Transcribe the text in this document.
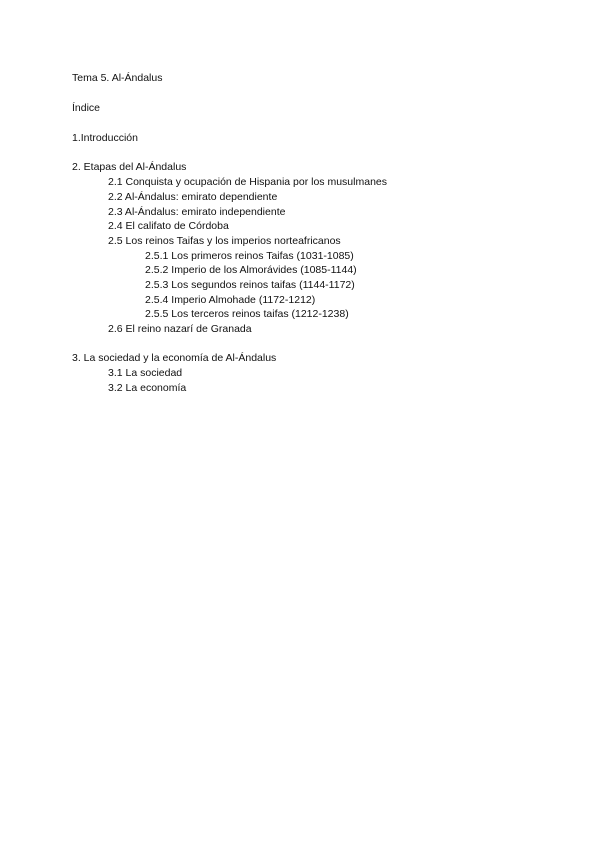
Tema 5. Al-Ándalus
Índice
1.Introducción
2. Etapas del Al-Ándalus
2.1 Conquista y ocupación de Hispania por los musulmanes
2.2 Al-Ándalus: emirato dependiente
2.3 Al-Ándalus: emirato independiente
2.4 El califato de Córdoba
2.5 Los reinos Taifas y los imperios norteafricanos
2.5.1 Los primeros reinos Taifas (1031-1085)
2.5.2 Imperio de los Almorávides (1085-1144)
2.5.3 Los segundos reinos taifas (1144-1172)
2.5.4 Imperio Almohade (1172-1212)
2.5.5 Los terceros reinos taifas (1212-1238)
2.6 El reino nazarí de Granada
3. La sociedad y la economía de Al-Ándalus
3.1 La sociedad
3.2 La economía
